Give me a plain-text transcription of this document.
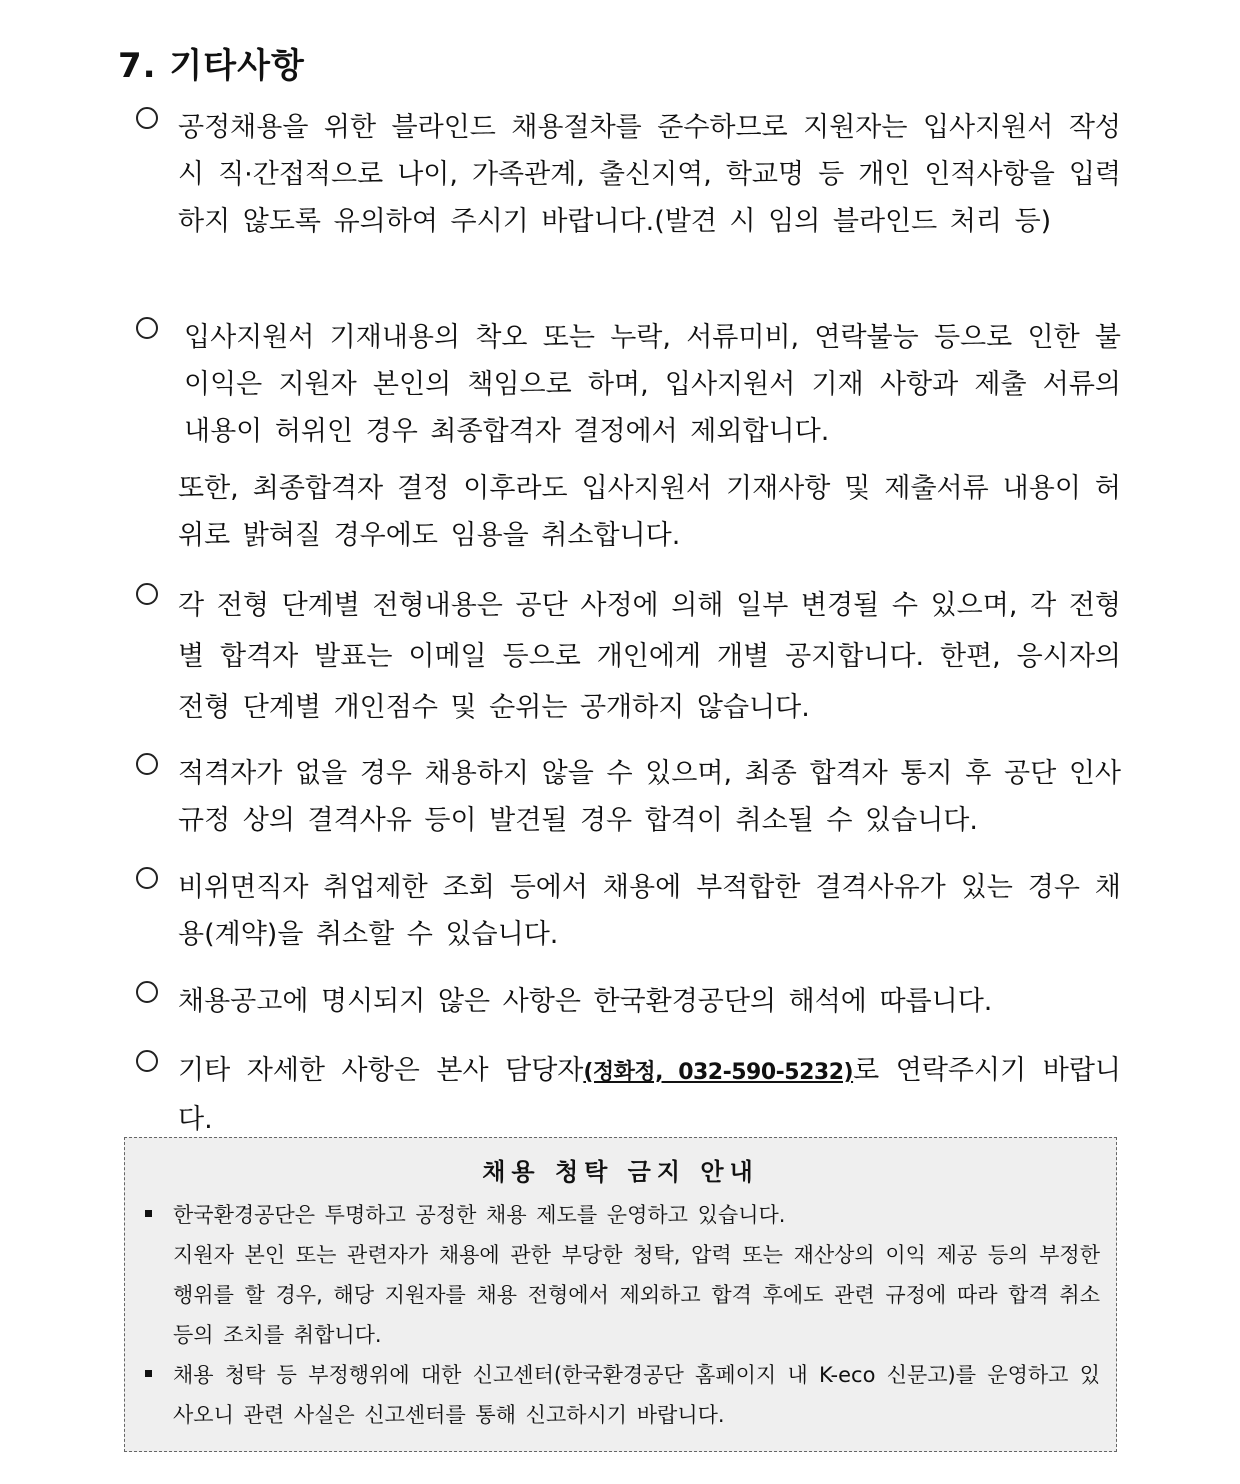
7. 기타사항

공정채용을 위한 블라인드 채용절차를 준수하므로 지원자는 입사지원서 작성 시 직·간접적으로 나이, 가족관계, 출신지역, 학교명 등 개인 인적사항을 입력하지 않도록 유의하여 주시기 바랍니다.(발견 시 임의 블라인드 처리 등)

입사지원서 기재내용의 착오 또는 누락, 서류미비, 연락불능 등으로 인한 불이익은 지원자 본인의 책임으로 하며, 입사지원서 기재 사항과 제출 서류의 내용이 허위인 경우 최종합격자 결정에서 제외합니다.

또한, 최종합격자 결정 이후라도 입사지원서 기재사항 및 제출서류 내용이 허위로 밝혀질 경우에도 임용을 취소합니다.

각 전형 단계별 전형내용은 공단 사정에 의해 일부 변경될 수 있으며, 각 전형별 합격자 발표는 이메일 등으로 개인에게 개별 공지합니다. 한편, 응시자의 전형 단계별 개인점수 및 순위는 공개하지 않습니다.

적격자가 없을 경우 채용하지 않을 수 있으며, 최종 합격자 통지 후 공단 인사규정 상의 결격사유 등이 발견될 경우 합격이 취소될 수 있습니다.

비위면직자 취업제한 조회 등에서 채용에 부적합한 결격사유가 있는 경우 채용(계약)을 취소할 수 있습니다.

채용공고에 명시되지 않은 사항은 한국환경공단의 해석에 따릅니다.

기타 자세한 사항은 본사 담당자(정화정, 032-590-5232)로 연락주시기 바랍니다.

채용 청탁 금지 안내

한국환경공단은 투명하고 공정한 채용 제도를 운영하고 있습니다.

지원자 본인 또는 관련자가 채용에 관한 부당한 청탁, 압력 또는 재산상의 이익 제공 등의 부정한 행위를 할 경우, 해당 지원자를 채용 전형에서 제외하고 합격 후에도 관련 규정에 따라 합격 취소 등의 조치를 취합니다.

채용 청탁 등 부정행위에 대한 신고센터(한국환경공단 홈페이지 내 K-eco 신문고)를 운영하고 있사오니 관련 사실은 신고센터를 통해 신고하시기 바랍니다.
